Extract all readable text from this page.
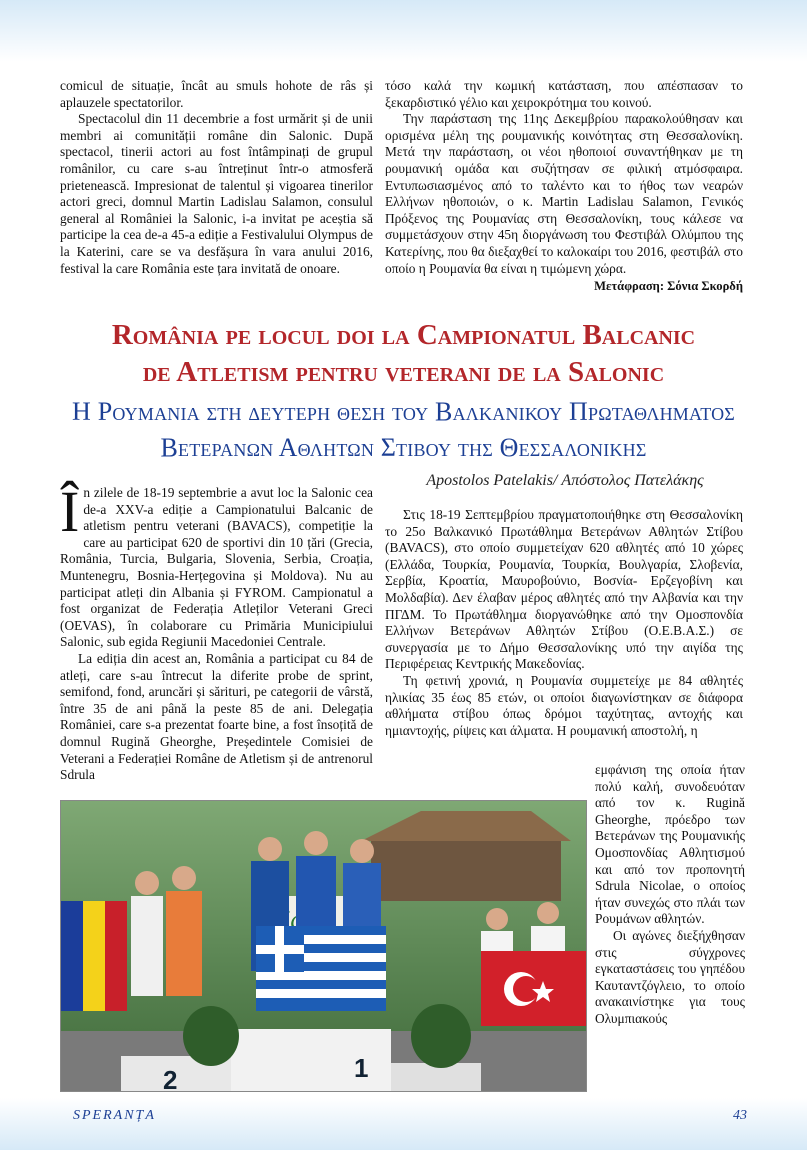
comicul de situație, încât au smuls hohote de râs și aplauzele spectatorilor.

Spectacolul din 11 decembrie a fost urmărit și de unii membri ai comunității române din Salonic. După spectacol, tinerii actori au fost întâmpinați de grupul românilor, cu care s-au întreținut într-o atmosferă prietenească. Impresionat de talentul și vigoarea tinerilor actori greci, domnul Martin Ladislau Salamon, consulul general al României la Salonic, i-a invitat pe aceștia să participe la cea de-a 45-a ediție a Festivalului Olympus de la Katerini, care se va desfășura în vara anului 2016, festival la care România este țara invitată de onoare.

τόσο καλά την κωμική κατάσταση, που απέσπασαν το ξεκαρδιστικό γέλιο και χειροκρότημα του κοινού.

Την παράσταση της 11ης Δεκεμβρίου παρακολούθησαν και ορισμένα μέλη της ρουμανικής κοινότητας στη Θεσσαλονίκη. Μετά την παράσταση, οι νέοι ηθοποιοί συναντήθηκαν με τη ρουμανική ομάδα και συζήτησαν σε φιλική ατμόσφαιρα. Εντυπωσιασμένος από το ταλέντο και το ήθος των νεαρών Ελλήνων ηθοποιών, ο κ. Martin Ladislau Salamon, Γενικός Πρόξενος της Ρουμανίας στη Θεσσαλονίκη, τους κάλεσε να συμμετάσχουν στην 45η διοργάνωση του Φεστιβάλ Ολύμπου της Κατερίνης, που θα διεξαχθεί το καλοκαίρι του 2016, φεστιβάλ στο οποίο η Ρουμανία θα είναι η τιμώμενη χώρα.

Μετάφραση: Σόνια Σκορδή
România pe locul doi la Campionatul Balcanic
de Atletism pentru veterani de la Salonic
Η Ρουμανια στη δευτερη θεση του Βαλκανικου Πρωταθληματος
Βετερανων Αθλητων Στιβου της Θεσσαλονικης
Apostolos Patelakis/ Απόστολος Πατελάκης

În zilele de 18-19 septembrie a avut loc la Salonic cea de-a XXV-a ediție a Campionatului Balcanic de atletism pentru veterani (BAVACS), competiție la care au participat 620 de sportivi din 10 țări (Grecia, România, Turcia, Bulgaria, Slovenia, Serbia, Croația, Muntenegru, Bosnia-Herțegovina și Moldova). Nu au participat atleți din Albania și FYROM. Campionatul a fost organizat de Federația Atleților Veterani Greci (OEVAS), în colaborare cu Primăria Municipiului Salonic, sub egida Regiunii Macedoniei Centrale.

La ediția din acest an, România a participat cu 84 de atleți, care s-au întrecut la diferite probe de sprint, semifond, fond, aruncări și sărituri, pe categorii de vârstă, între 35 de ani până la peste 85 de ani. Delegația României, care s-a prezentat foarte bine, a fost însoțită de domnul Rugină Gheorghe, Președintele Comisiei de Veterani a Federației Române de Atletism și de antrenorul Sdrula

Στις 18-19 Σεπτεμβρίου πραγματοποιήθηκε στη Θεσσαλονίκη το 25ο Βαλκανικό Πρωτάθλημα Βετεράνων Αθλητών Στίβου (BAVACS), στο οποίο συμμετείχαν 620 αθλητές από 10 χώρες (Ελλάδα, Τουρκία, Ρουμανία, Τουρκία, Βουλγαρία, Σλοβενία, Σερβία, Κροατία, Μαυροβούνιο, Βοσνία- Ερζεγοβίνη και Μολδαβία). Δεν έλαβαν μέρος αθλητές από την Αλβανία και την ΠΓΔΜ. Το Πρωτάθλημα διοργανώθηκε από την Ομοσπονδία Ελλήνων Βετεράνων Αθλητών Στίβου (Ο.Ε.Β.Α.Σ.) σε συνεργασία με το Δήμο Θεσσαλονίκης υπό την αιγίδα της Περιφέρειας Κεντρικής Μακεδονίας.

Τη φετινή χρονιά, η Ρουμανία συμμετείχε με 84 αθλητές ηλικίας 35 έως 85 ετών, οι οποίοι διαγωνίστηκαν σε διάφορα αθλήματα στίβου όπως δρόμοι ταχύτητας, αντοχής και ημιαντοχής, ρίψεις και άλματα. Η ρουμανική αποστολή, η

εμφάνιση της οποία ήταν πολύ καλή, συνοδευόταν από τον κ. Rugină Gheorghe, πρόεδρο των Βετεράνων της Ρουμανικής Ομοσπονδίας Αθλητισμού και από τον προπονητή Sdrula Nicolae, ο οποίος ήταν συνεχώς στο πλάι των Ρουμάνων αθλητών.

Οι αγώνες διεξήχθησαν στις σύγχρονες εγκαταστάσεις του γηπέδου Καυταντζόγλειο, το οποίο ανακαινίστηκε για τους Ολυμπιακούς

2	1
SPERANȚA	43
